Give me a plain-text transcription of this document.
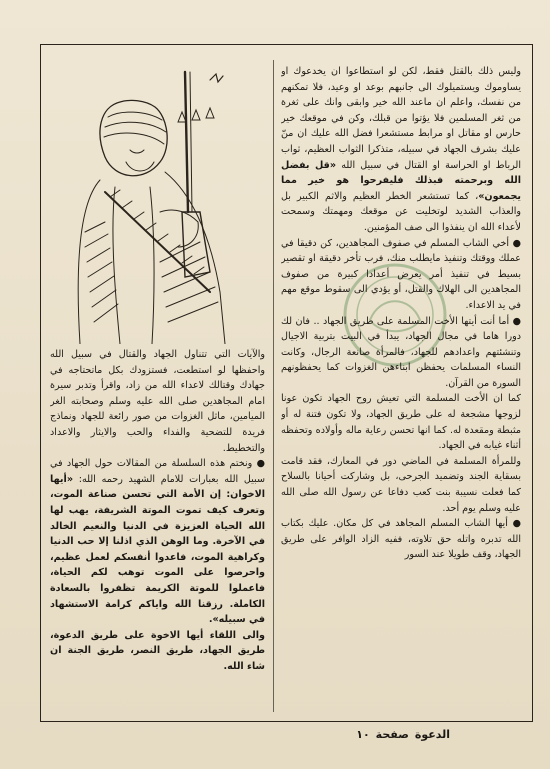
وليس ذلك بالقتل فقط، لكن لو استطاعوا ان يخدعوك او يساوموك ويستميلوك الى جانبهم بوعد او وعيد، فلا تمكنهم من نفسك، واعلم ان ماعند الله خير وابقى وانك على ثغرة من ثغر المسلمين فلا يؤتوا من قبلك، وكن في موقعك خير حارس او مقاتل او مرابط مستشعرا فضل الله عليك ان منّ عليك بشرف الجهاد في سبيله، متذكرا الثواب العظيم، ثواب الرباط او الحراسة او القتال في سبيل الله «قل بفضل الله وبرحمته فبذلك فليفرحوا هو خير مما يجمعون»، كما تستشعر الخطر العظيم والاثم الكبير بل والعذاب الشديد لوتخليت عن موقعك ومهمتك وسمحت لأعداء الله ان ينفذوا الى صف المؤمنين.

● أخي الشاب المسلم في صفوف المجاهدين، كن دقيقا في عملك ووقتك وتنفيذ مايطلب منك، فرب تأخر دقيقة او تقصير بسيط في تنفيذ أمر يعرض أعدادا كبيرة من صفوف المجاهدين الى الهلاك والقتل، أو يؤدي الى سقوط موقع مهم في يد الاعداء.

● أما أنت أيتها الأخت المسلمة على طريق الجهاد .. فان لك دورا هاما في مجال الجهاد، يبدأ في البيت بتربية الاجيال وتنشئتهم واعدادهم للجهاد، فالمرأة صانعة الرجال، وكانت النساء المسلمات يحفظن ابناءهن الغزوات كما يحفظونهم السورة من القرآن.

كما ان الأخت المسلمة التي تعيش روح الجهاد تكون عونا لزوجها مشجعة له على طريق الجهاد، ولا تكون فتنة له أو مثبطة ومقعدة له. كما انها تحسن رعاية ماله وأولاده وتحفظه أثناء غيابه في الجهاد.

وللمرأة المسلمة في الماضي دور في المعارك، فقد قامت بسقاية الجند وتضميد الجرحى، بل وشاركت أحيانا بالسلاح كما فعلت نسيبة بنت كعب دفاعا عن رسول الله صلى الله عليه وسلم يوم أحد.

● أيها الشاب المسلم المجاهد في كل مكان. عليك بكتاب الله تدبره واتله حق تلاوته، ففيه الزاد الوافر على طريق الجهاد، وقف طويلا عند السور

والآيات التي تتناول الجهاد والقتال في سبيل الله واحفظها لو استطعت، فستزودك بكل ماتحتاجه في جهادك وقتالك لاعداء الله من زاد، واقرأ وتدبر سيرة امام المجاهدين صلى الله عليه وسلم وصحابته الغر الميامين، ماثل الغزوات من صور رائعة للجهاد ونماذج فريدة للتضحية والفداء والحب والايثار والاعداد والتخطيط.

● ونختم هذه السلسلة من المقالات حول الجهاد في سبيل الله بعبارات للامام الشهيد رحمه الله: «أيها الاخوان: إن الأمة التي تحسن صناعة الموت، وتعرف كيف تموت الموتة الشريفة، يهب لها الله الحياة العزيزة في الدنيا والنعيم الخالد في الآخرة. وما الوهن الذي اذلنا إلا حب الدنيا وكراهية الموت، فاعدوا أنفسكم لعمل عظيم، واحرصوا على الموت توهب لكم الحياة، فاعملوا للموتة الكريمة تظفروا بالسعادة الكاملة. رزقنا الله واياكم كرامة الاستشهاد في سبيله».

والى اللقاء أيها الاخوة على طريق الدعوة، طريق الجهاد، طريق النصر، طريق الجنة ان شاء الله.

الدعوةصفحة١٠
